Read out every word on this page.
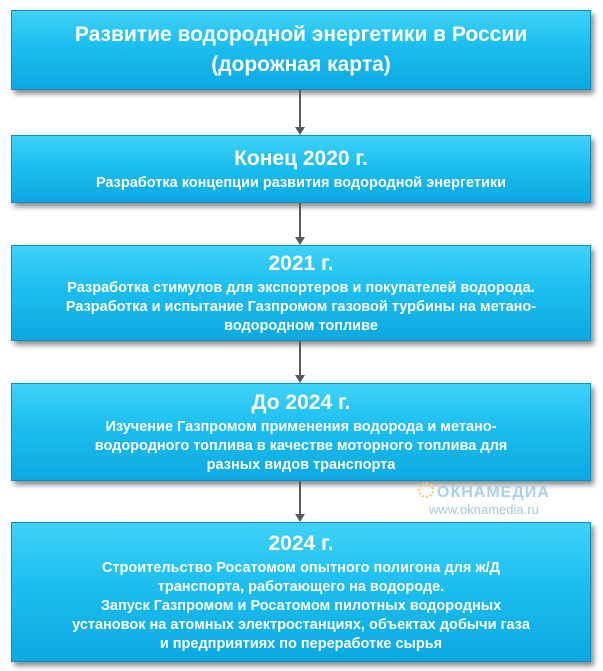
Развитие водородной энергетики в России
(дорожная карта)
Конец 2020 г.

Разработка концепции развития водородной энергетики

2021 г.

Разработка стимулов для экспортеров и покупателей водорода.

Разработка и испытание Газпромом газовой турбины на метано-

водородном топливе

До 2024 г.

Изучение Газпромом применения водорода и метано-

водородного топлива в качестве моторного топлива для

разных видов транспорта

ОКНАМЕДИА
www.oknamedia.ru
2024 г.

Строительство Росатомом опытного полигона для ж/Д

транспорта, работающего на водороде.

Запуск Газпромом и Росатомом пилотных водородных

установок на атомных электростанциях, объектах добычи газа

и предприятиях по переработке сырья
